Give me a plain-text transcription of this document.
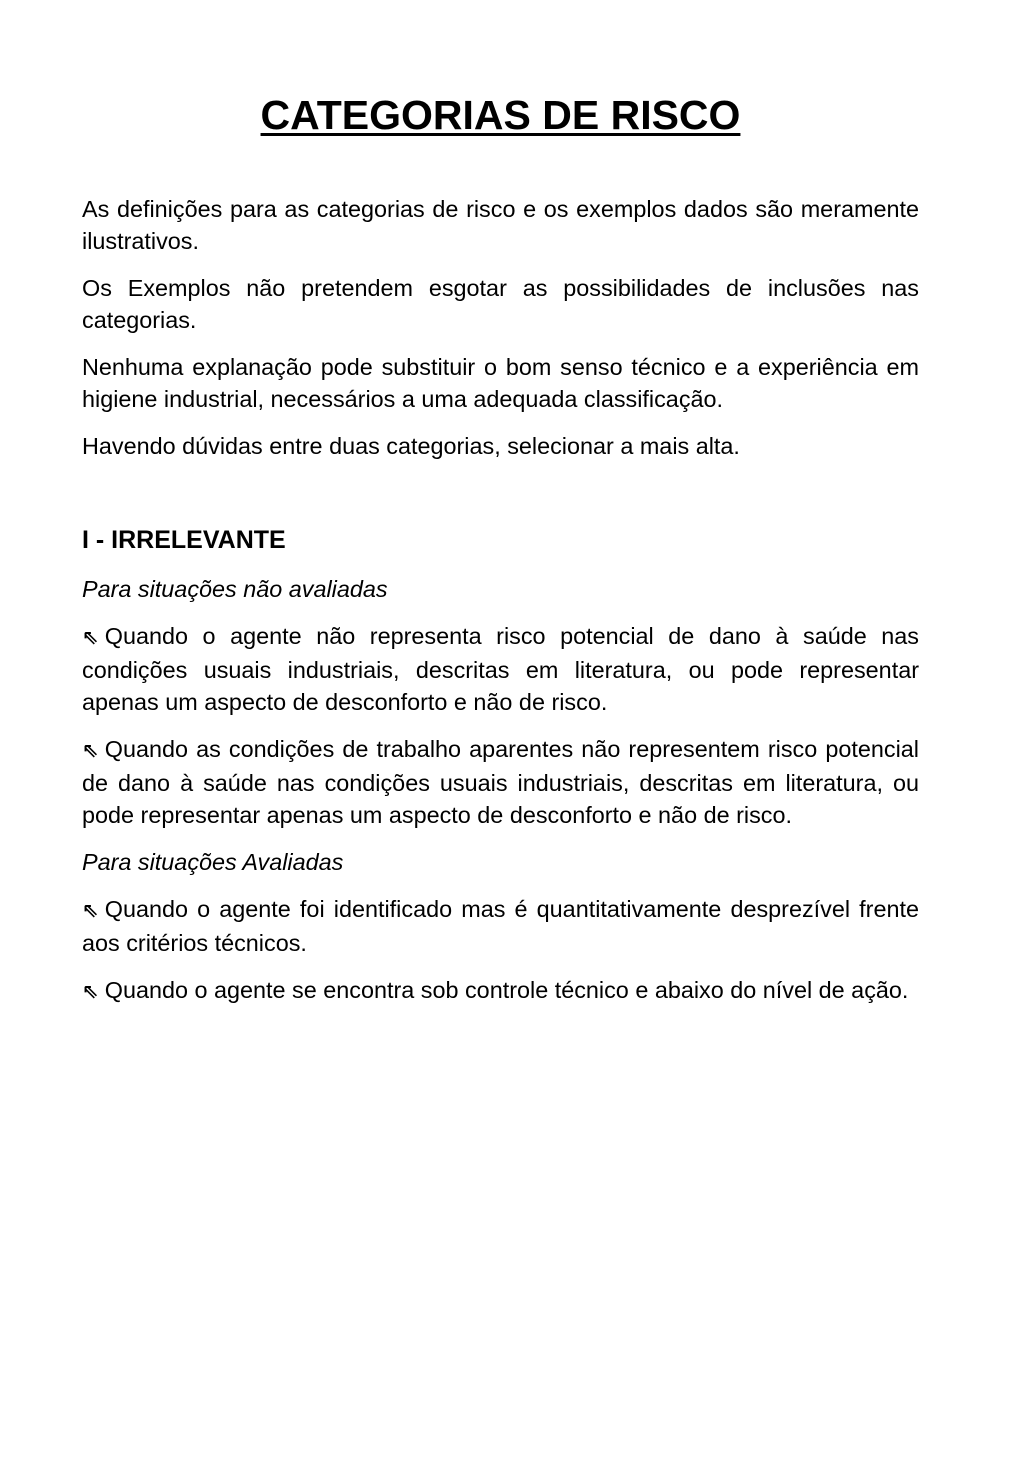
CATEGORIAS DE RISCO

As definições para as categorias de risco e os exemplos dados são meramente ilustrativos.

Os Exemplos não pretendem esgotar as possibilidades de inclusões nas categorias.

Nenhuma explanação pode substituir o bom senso técnico e a experiência em higiene industrial, necessários a uma adequada classificação.

Havendo dúvidas entre duas categorias, selecionar a mais alta.

I - IRRELEVANTE
Para situações não avaliadas

⇖ Quando o agente não representa risco potencial de dano à saúde nas condições usuais industriais, descritas em literatura, ou pode representar apenas um aspecto de desconforto e não de risco.

⇖ Quando as condições de trabalho aparentes não representem risco potencial de dano à saúde nas condições usuais industriais, descritas em literatura, ou pode representar apenas um aspecto de desconforto e não de risco.

Para situações Avaliadas

⇖ Quando o agente foi identificado mas é quantitativamente desprezível frente aos critérios técnicos.

⇖ Quando o agente se encontra sob controle técnico e abaixo do nível de ação.
